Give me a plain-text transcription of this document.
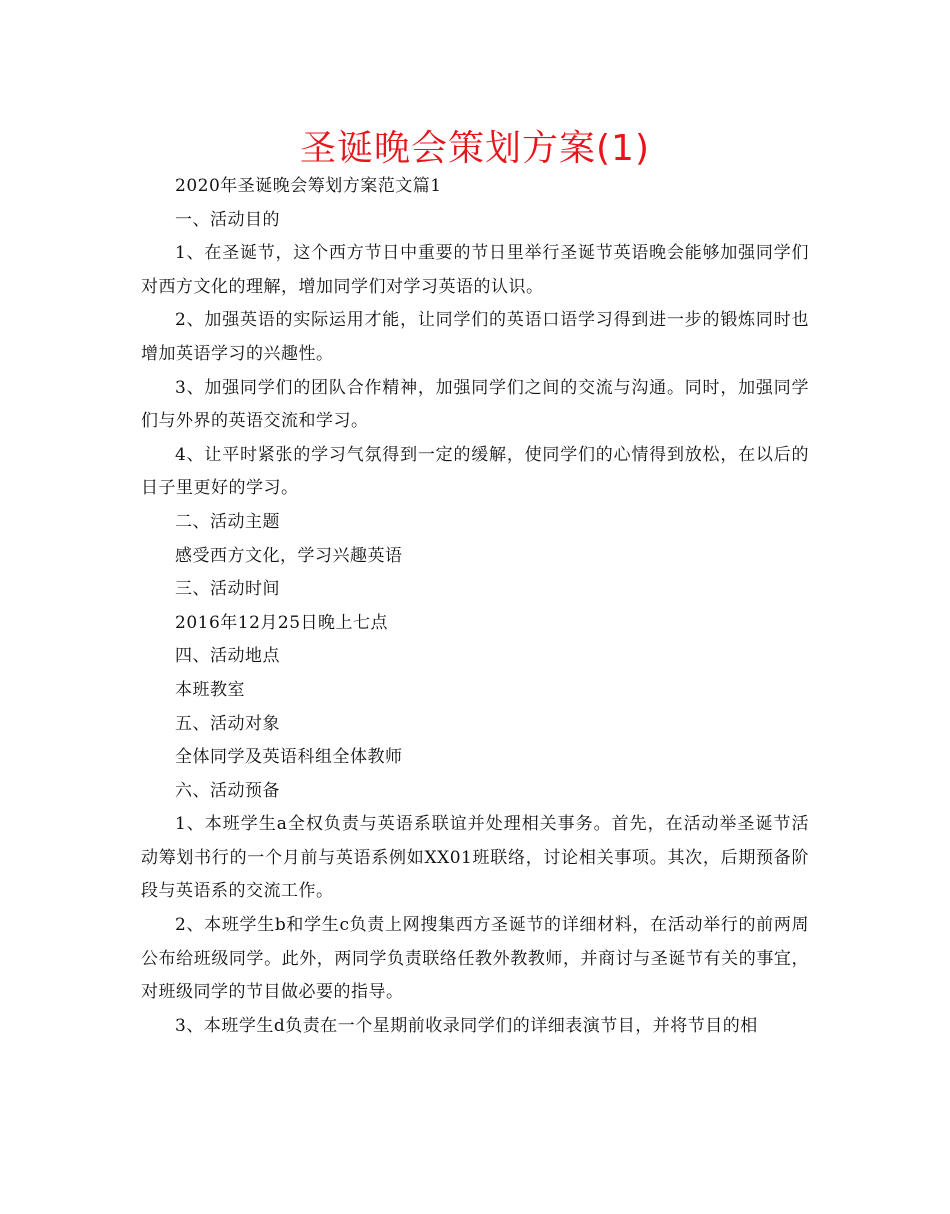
圣诞晚会策划方案(1)

2020年圣诞晚会筹划方案范文篇1

一、活动目的

1、在圣诞节，这个西方节日中重要的节日里举行圣诞节英语晚会能够加强同学们对西方文化的理解，增加同学们对学习英语的认识。

2、加强英语的实际运用才能，让同学们的英语口语学习得到进一步的锻炼同时也增加英语学习的兴趣性。

3、加强同学们的团队合作精神，加强同学们之间的交流与沟通。同时，加强同学们与外界的英语交流和学习。

4、让平时紧张的学习气氛得到一定的缓解，使同学们的心情得到放松，在以后的日子里更好的学习。

二、活动主题

感受西方文化，学习兴趣英语

三、活动时间

2016年12月25日晚上七点

四、活动地点

本班教室

五、活动对象

全体同学及英语科组全体教师

六、活动预备

1、本班学生a全权负责与英语系联谊并处理相关事务。首先，在活动举圣诞节活动筹划书行的一个月前与英语系例如XX01班联络，讨论相关事项。其次，后期预备阶段与英语系的交流工作。

2、本班学生b和学生c负责上网搜集西方圣诞节的详细材料，在活动举行的前两周公布给班级同学。此外，两同学负责联络任教外教教师，并商讨与圣诞节有关的事宜，对班级同学的节目做必要的指导。

3、本班学生d负责在一个星期前收录同学们的详细表演节目，并将节目的相
